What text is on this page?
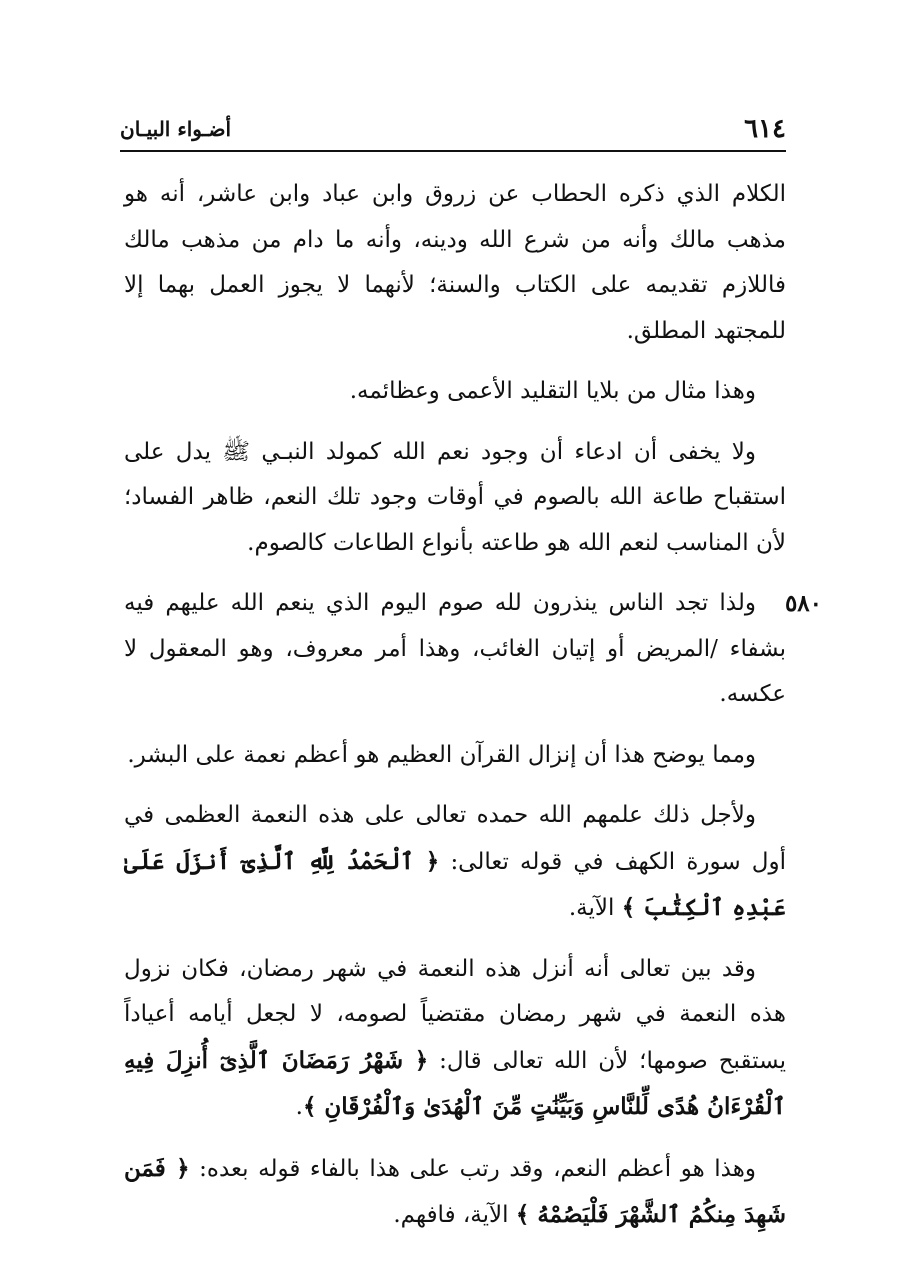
٦١٤
أضـواء البيـان
٥٨٠

الكلام الذي ذكره الحطاب عن زروق وابن عباد وابن عاشر، أنه هو مذهب مالك وأنه من شرع الله ودينه، وأنه ما دام من مذهب مالك فاللازم تقديمه على الكتاب والسنة؛ لأنهما لا يجوز العمل بهما إلا للمجتهد المطلق.

وهذا مثال من بلايا التقليد الأعمى وعظائمه.

ولا يخفى أن ادعاء أن وجود نعم الله كمولد النبـي ﷺ يدل على استقباح طاعة الله بالصوم في أوقات وجود تلك النعم، ظاهر الفساد؛ لأن المناسب لنعم الله هو طاعته بأنواع الطاعات كالصوم.

ولذا تجد الناس ينذرون لله صوم اليوم الذي ينعم الله عليهم فيه بشفاء /المريض أو إتيان الغائب، وهذا أمر معروف، وهو المعقول لا عكسه.

ومما يوضح هذا أن إنزال القرآن العظيم هو أعظم نعمة على البشر.

ولأجل ذلك علمهم الله حمده تعالى على هذه النعمة العظمى في أول سورة الكهف في قوله تعالى: ﴿ ٱلْحَمْدُ لِلَّهِ ٱلَّذِىٓ أَنزَلَ عَلَىٰ عَبْدِهِ ٱلْكِتَٰبَ ﴾ الآية.

وقد بين تعالى أنه أنزل هذه النعمة في شهر رمضان، فكان نزول هذه النعمة في شهر رمضان مقتضياً لصومه، لا لجعل أيامه أعياداً يستقبح صومها؛ لأن الله تعالى قال: ﴿ شَهْرُ رَمَضَانَ ٱلَّذِىٓ أُنزِلَ فِيهِ ٱلْقُرْءَانُ هُدًى لِّلنَّاسِ وَبَيِّنَٰتٍ مِّنَ ٱلْهُدَىٰ وَٱلْفُرْقَانِ ﴾.

وهذا هو أعظم النعم، وقد رتب على هذا بالفاء قوله بعده: ﴿ فَمَن شَهِدَ مِنكُمُ ٱلشَّهْرَ فَلْيَصُمْهُ ﴾ الآية، فافهم.
